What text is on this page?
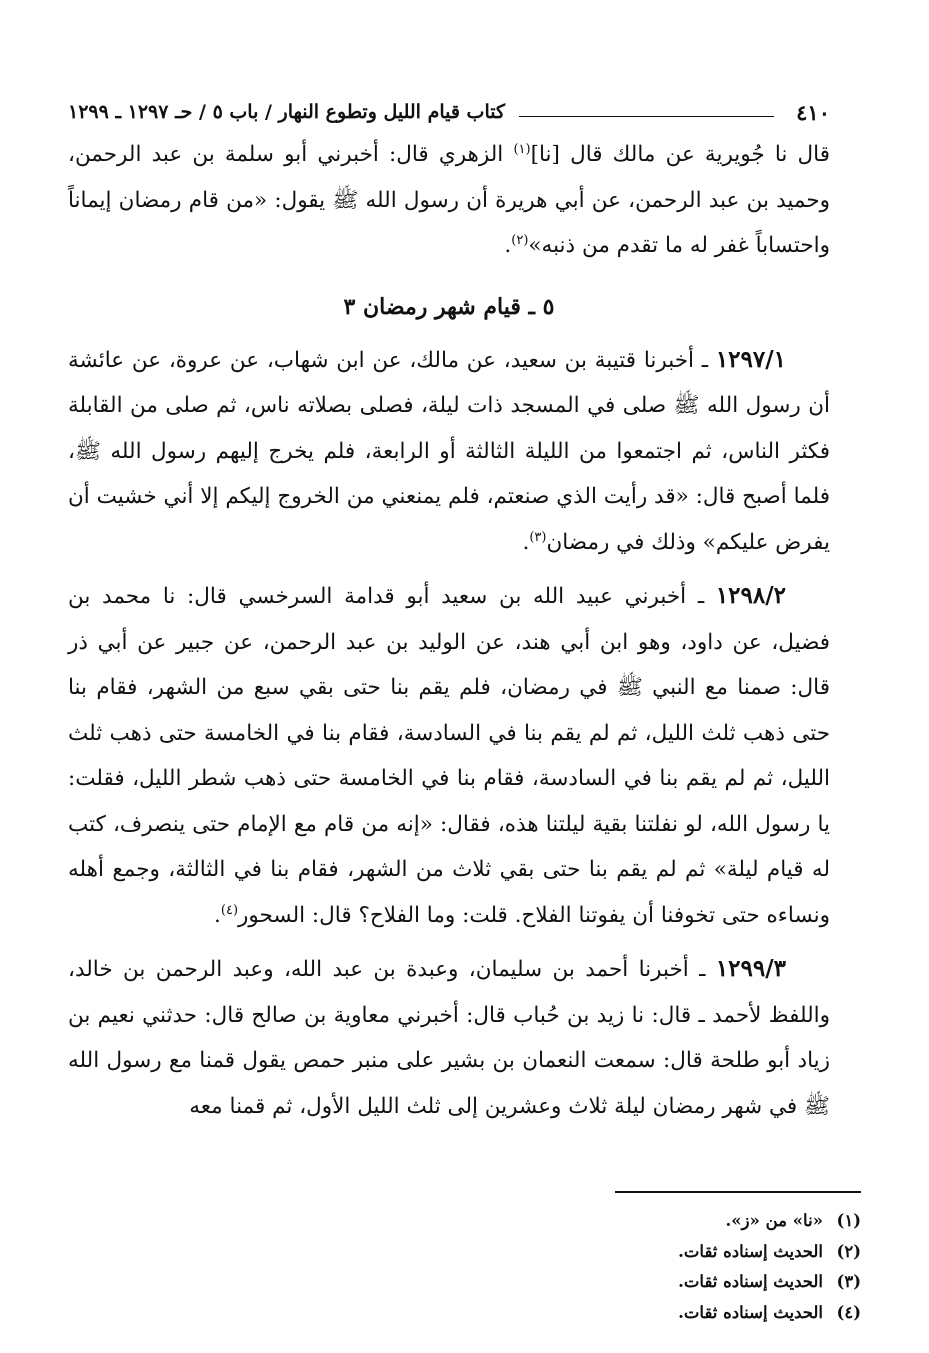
٤١٠
كتاب قيام الليل وتطوع النهار / باب ٥ / حـ ١٢٩٧ ـ ١٢٩٩

قال نا جُويرية عن مالك قال [نا]$^{(١)}$ الزهري قال: أخبرني أبو سلمة بن عبد الرحمن، وحميد بن عبد الرحمن، عن أبي هريرة أن رسول الله ﷺ يقول: «من قام رمضان إيماناً واحتساباً غفر له ما تقدم من ذنبه»$^{(٢)}$.

٥ ـ قيام شهر رمضان ٣

١٢٩٧/١ ـ أخبرنا قتيبة بن سعيد، عن مالك، عن ابن شهاب، عن عروة، عن عائشة أن رسول الله ﷺ صلى في المسجد ذات ليلة، فصلى بصلاته ناس، ثم صلى من القابلة فكثر الناس، ثم اجتمعوا من الليلة الثالثة أو الرابعة، فلم يخرج إليهم رسول الله ﷺ، فلما أصبح قال: «قد رأيت الذي صنعتم، فلم يمنعني من الخروج إليكم إلا أني خشيت أن يفرض عليكم» وذلك في رمضان$^{(٣)}$.

١٢٩٨/٢ ـ أخبرني عبيد الله بن سعيد أبو قدامة السرخسي قال: نا محمد بن فضيل، عن داود، وهو ابن أبي هند، عن الوليد بن عبد الرحمن، عن جبير عن أبي ذر قال: صمنا مع النبي ﷺ في رمضان، فلم يقم بنا حتى بقي سبع من الشهر، فقام بنا حتى ذهب ثلث الليل، ثم لم يقم بنا في السادسة، فقام بنا في الخامسة حتى ذهب ثلث الليل، ثم لم يقم بنا في السادسة، فقام بنا في الخامسة حتى ذهب شطر الليل، فقلت: يا رسول الله، لو نفلتنا بقية ليلتنا هذه، فقال: «إنه من قام مع الإمام حتى ينصرف، كتب له قيام ليلة» ثم لم يقم بنا حتى بقي ثلاث من الشهر، فقام بنا في الثالثة، وجمع أهله ونساءه حتى تخوفنا أن يفوتنا الفلاح. قلت: وما الفلاح؟ قال: السحور$^{(٤)}$.

١٢٩٩/٣ ـ أخبرنا أحمد بن سليمان، وعبدة بن عبد الله، وعبد الرحمن بن خالد، واللفظ لأحمد ـ قال: نا زيد بن حُباب قال: أخبرني معاوية بن صالح قال: حدثني نعيم بن زياد أبو طلحة قال: سمعت النعمان بن بشير على منبر حمص يقول قمنا مع رسول الله ﷺ في شهر رمضان ليلة ثلاث وعشرين إلى ثلث الليل الأول، ثم قمنا معه

(١)«نا» من «ز».
(٢)الحديث إسناده ثقات.
(٣)الحديث إسناده ثقات.
(٤)الحديث إسناده ثقات.
